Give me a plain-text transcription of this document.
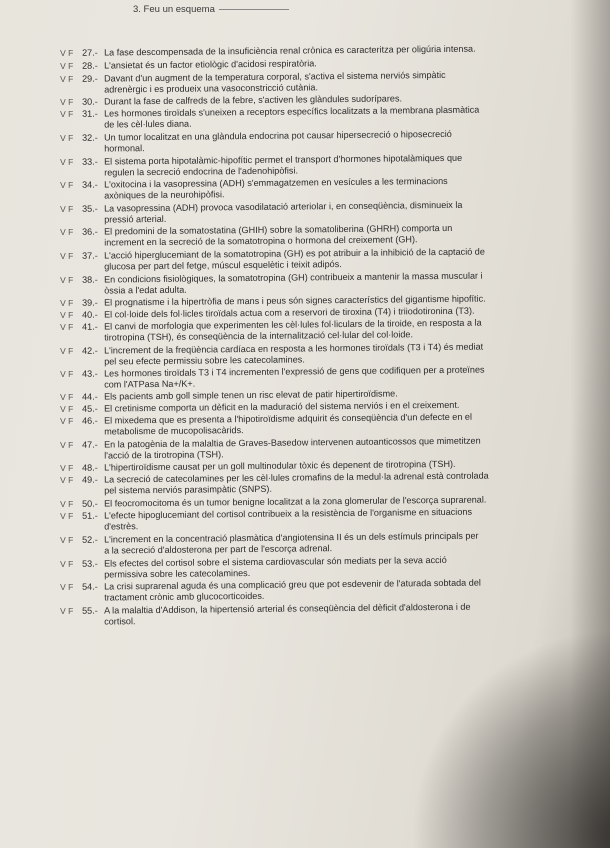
3. Feu un esquema
V F 27.- La fase descompensada de la insuficiència renal crònica es caracteritza per oligúria intensa.
V F 28.- L'ansietat és un factor etiològic d'acidosi respiratòria.
V F 29.- Davant d'un augment de la temperatura corporal, s'activa el sistema nerviós simpàtic
adrenèrgic i es produeix una vasoconstricció cutània.
V F 30.- Durant la fase de calfreds de la febre, s'activen les glàndules sudorípares.
V F 31.- Les hormones tiroïdals s'uneixen a receptors específics localitzats a la membrana plasmàtica
de les cèl·lules diana.
V F 32.- Un tumor localitzat en una glàndula endocrina pot causar hipersecreció o hiposecreció
hormonal.
V F 33.- El sistema porta hipotalàmic-hipofític permet el transport d'hormones hipotalàmiques que
regulen la secreció endocrina de l'adenohipòfisi.
V F 34.- L'oxitocina i la vasopressina (ADH) s'emmagatzemen en vesícules a les terminacions
axòniques de la neurohipòfisi.
V F 35.- La vasopressina (ADH) provoca vasodilatació arteriolar i, en conseqüència, disminueix la
pressió arterial.
V F 36.- El predomini de la somatostatina (GHIH) sobre la somatoliberina (GHRH) comporta un
increment en la secreció de la somatotropina o hormona del creixement (GH).
V F 37.- L'acció hiperglucemiant de la somatotropina (GH) es pot atribuir a la inhibició de la captació de
glucosa per part del fetge, múscul esquelètic i teixit adipós.
V F 38.- En condicions fisiològiques, la somatotropina (GH) contribueix a mantenir la massa muscular i
òssia a l'edat adulta.
V F 39.- El prognatisme i la hipertròfia de mans i peus són signes característics del gigantisme hipofític.
V F 40.- El col·loide dels fol·licles tiroïdals actua com a reservori de tiroxina (T4) i triiodotironina (T3).
V F 41.- El canvi de morfologia que experimenten les cèl·lules fol·liculars de la tiroide, en resposta a la
tirotropina (TSH), és conseqüència de la internalització cel·lular del col·loide.
V F 42.- L'increment de la freqüència cardíaca en resposta a les hormones tiroïdals (T3 i T4) és mediat
pel seu efecte permissiu sobre les catecolamines.
V F 43.- Les hormones tiroïdals T3 i T4 incrementen l'expressió de gens que codifiquen per a proteïnes
com l'ATPasa Na+/K+.
V F 44.- Els pacients amb goll simple tenen un risc elevat de patir hipertiroïdisme.
V F 45.- El cretinisme comporta un dèficit en la maduració del sistema nerviós i en el creixement.
V F 46.- El mixedema que es presenta a l'hipotiroïdisme adquirit és conseqüència d'un defecte en el
metabolisme de mucopolisacàrids.
V F 47.- En la patogènia de la malaltia de Graves-Basedow intervenen autoanticossos que mimetitzen
l'acció de la tirotropina (TSH).
V F 48.- L'hipertiroïdisme causat per un goll multinodular tòxic és depenent de tirotropina (TSH).
V F 49.- La secreció de catecolamines per les cèl·lules cromafins de la medul·la adrenal està controlada
pel sistema nerviós parasimpàtic (SNPS).
V F 50.- El feocromocitoma és un tumor benigne localitzat a la zona glomerular de l'escorça suprarenal.
V F 51.- L'efecte hipoglucemiant del cortisol contribueix a la resistència de l'organisme en situacions
d'estrès.
V F 52.- L'increment en la concentració plasmàtica d'angiotensina II és un dels estímuls principals per
a la secreció d'aldosterona per part de l'escorça adrenal.
V F 53.- Els efectes del cortisol sobre el sistema cardiovascular són mediats per la seva acció
permissiva sobre les catecolamines.
V F 54.- La crisi suprarenal aguda és una complicació greu que pot esdevenir de l'aturada sobtada del
tractament crònic amb glucocorticoides.
V F 55.- A la malaltia d'Addison, la hipertensió arterial és conseqüència del dèficit d'aldosterona i de
cortisol.
